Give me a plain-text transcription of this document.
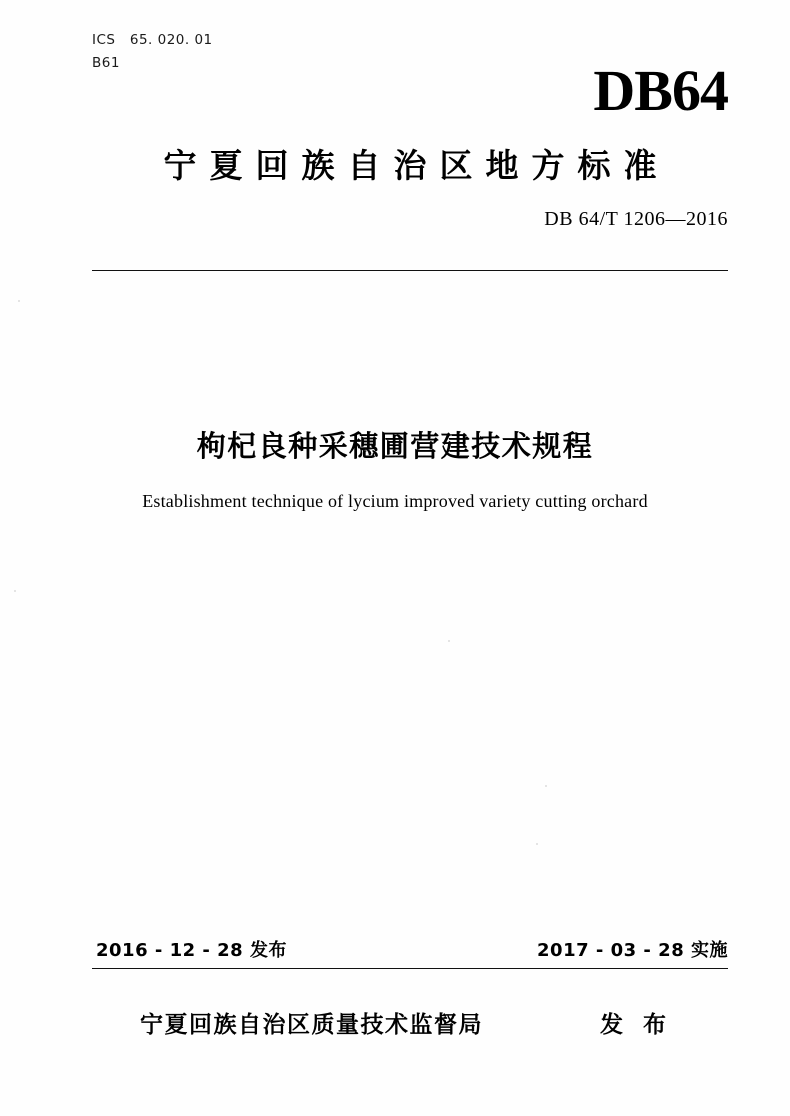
ICS 65. 020. 01
B61	DB64
宁夏回族自治区地方标准
DB 64/T 1206—2016
枸杞良种采穗圃营建技术规程
Establishment technique of lycium improved variety cutting orchard
2016 - 12 - 28 发布	2017 - 03 - 28 实施
宁夏回族自治区质量技术监督局	发 布
